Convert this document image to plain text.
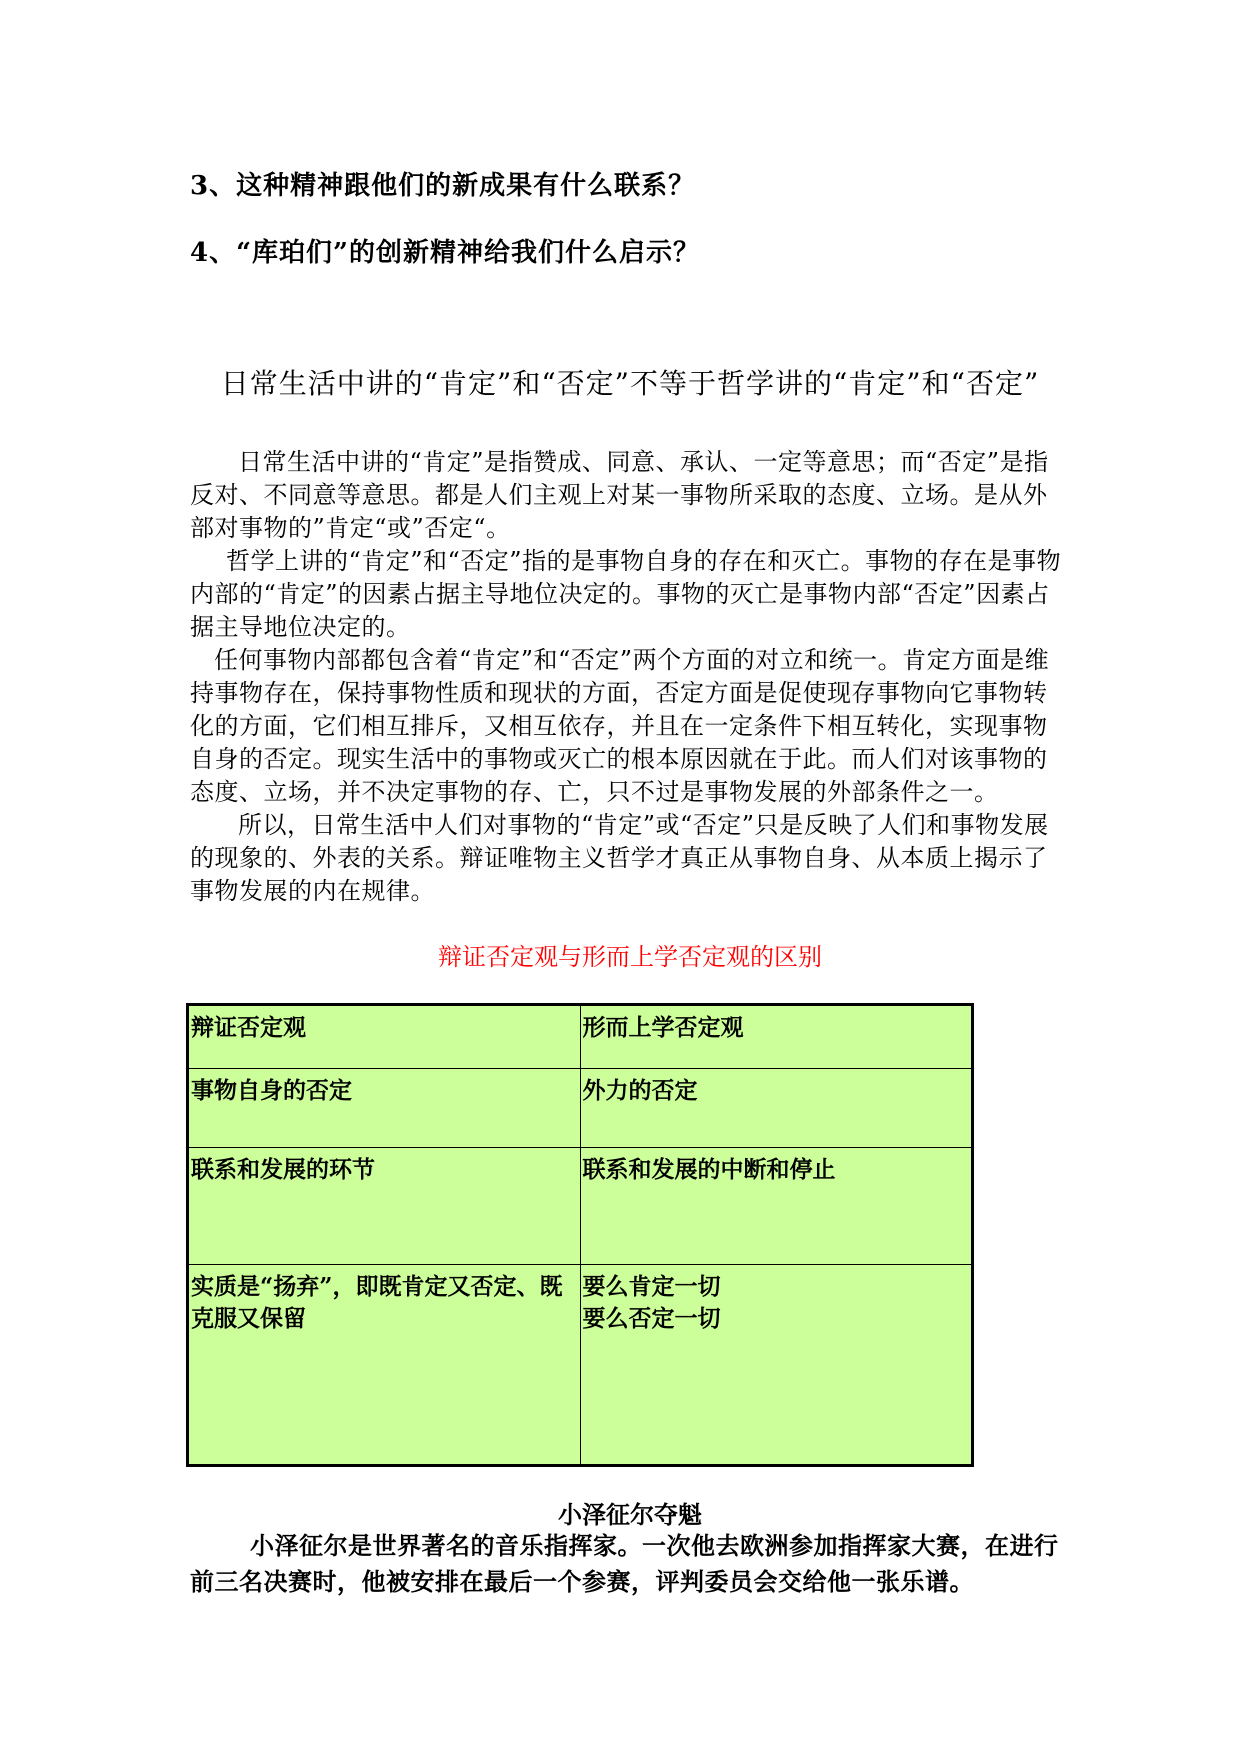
3、这种精神跟他们的新成果有什么联系？
4、“库珀们”的创新精神给我们什么启示？
日常生活中讲的“肯定”和“否定”不等于哲学讲的“肯定”和“否定”

日常生活中讲的“肯定”是指赞成、同意、承认、一定等意思；而“否定”是指反对、不同意等意思。都是人们主观上对某一事物所采取的态度、立场。是从外部对事物的”肯定“或”否定“。

哲学上讲的“肯定”和“否定”指的是事物自身的存在和灭亡。事物的存在是事物内部的“肯定”的因素占据主导地位决定的。事物的灭亡是事物内部“否定”因素占据主导地位决定的。

任何事物内部都包含着“肯定”和“否定”两个方面的对立和统一。肯定方面是维持事物存在，保持事物性质和现状的方面，否定方面是促使现存事物向它事物转化的方面，它们相互排斥，又相互依存，并且在一定条件下相互转化，实现事物自身的否定。现实生活中的事物或灭亡的根本原因就在于此。而人们对该事物的态度、立场，并不决定事物的存、亡，只不过是事物发展的外部条件之一。

所以，日常生活中人们对事物的“肯定”或“否定”只是反映了人们和事物发展的现象的、外表的关系。辩证唯物主义哲学才真正从事物自身、从本质上揭示了事物发展的内在规律。

辩证否定观与形而上学否定观的区别
辩证否定观	形而上学否定观
事物自身的否定	外力的否定
联系和发展的环节	联系和发展的中断和停止
实质是“扬弃”，即既肯定又否定、既克服又保留	要么肯定一切
要么否定一切
小泽征尔夺魁

小泽征尔是世界著名的音乐指挥家。一次他去欧洲参加指挥家大赛，在进行前三名决赛时，他被安排在最后一个参赛，评判委员会交给他一张乐谱。
